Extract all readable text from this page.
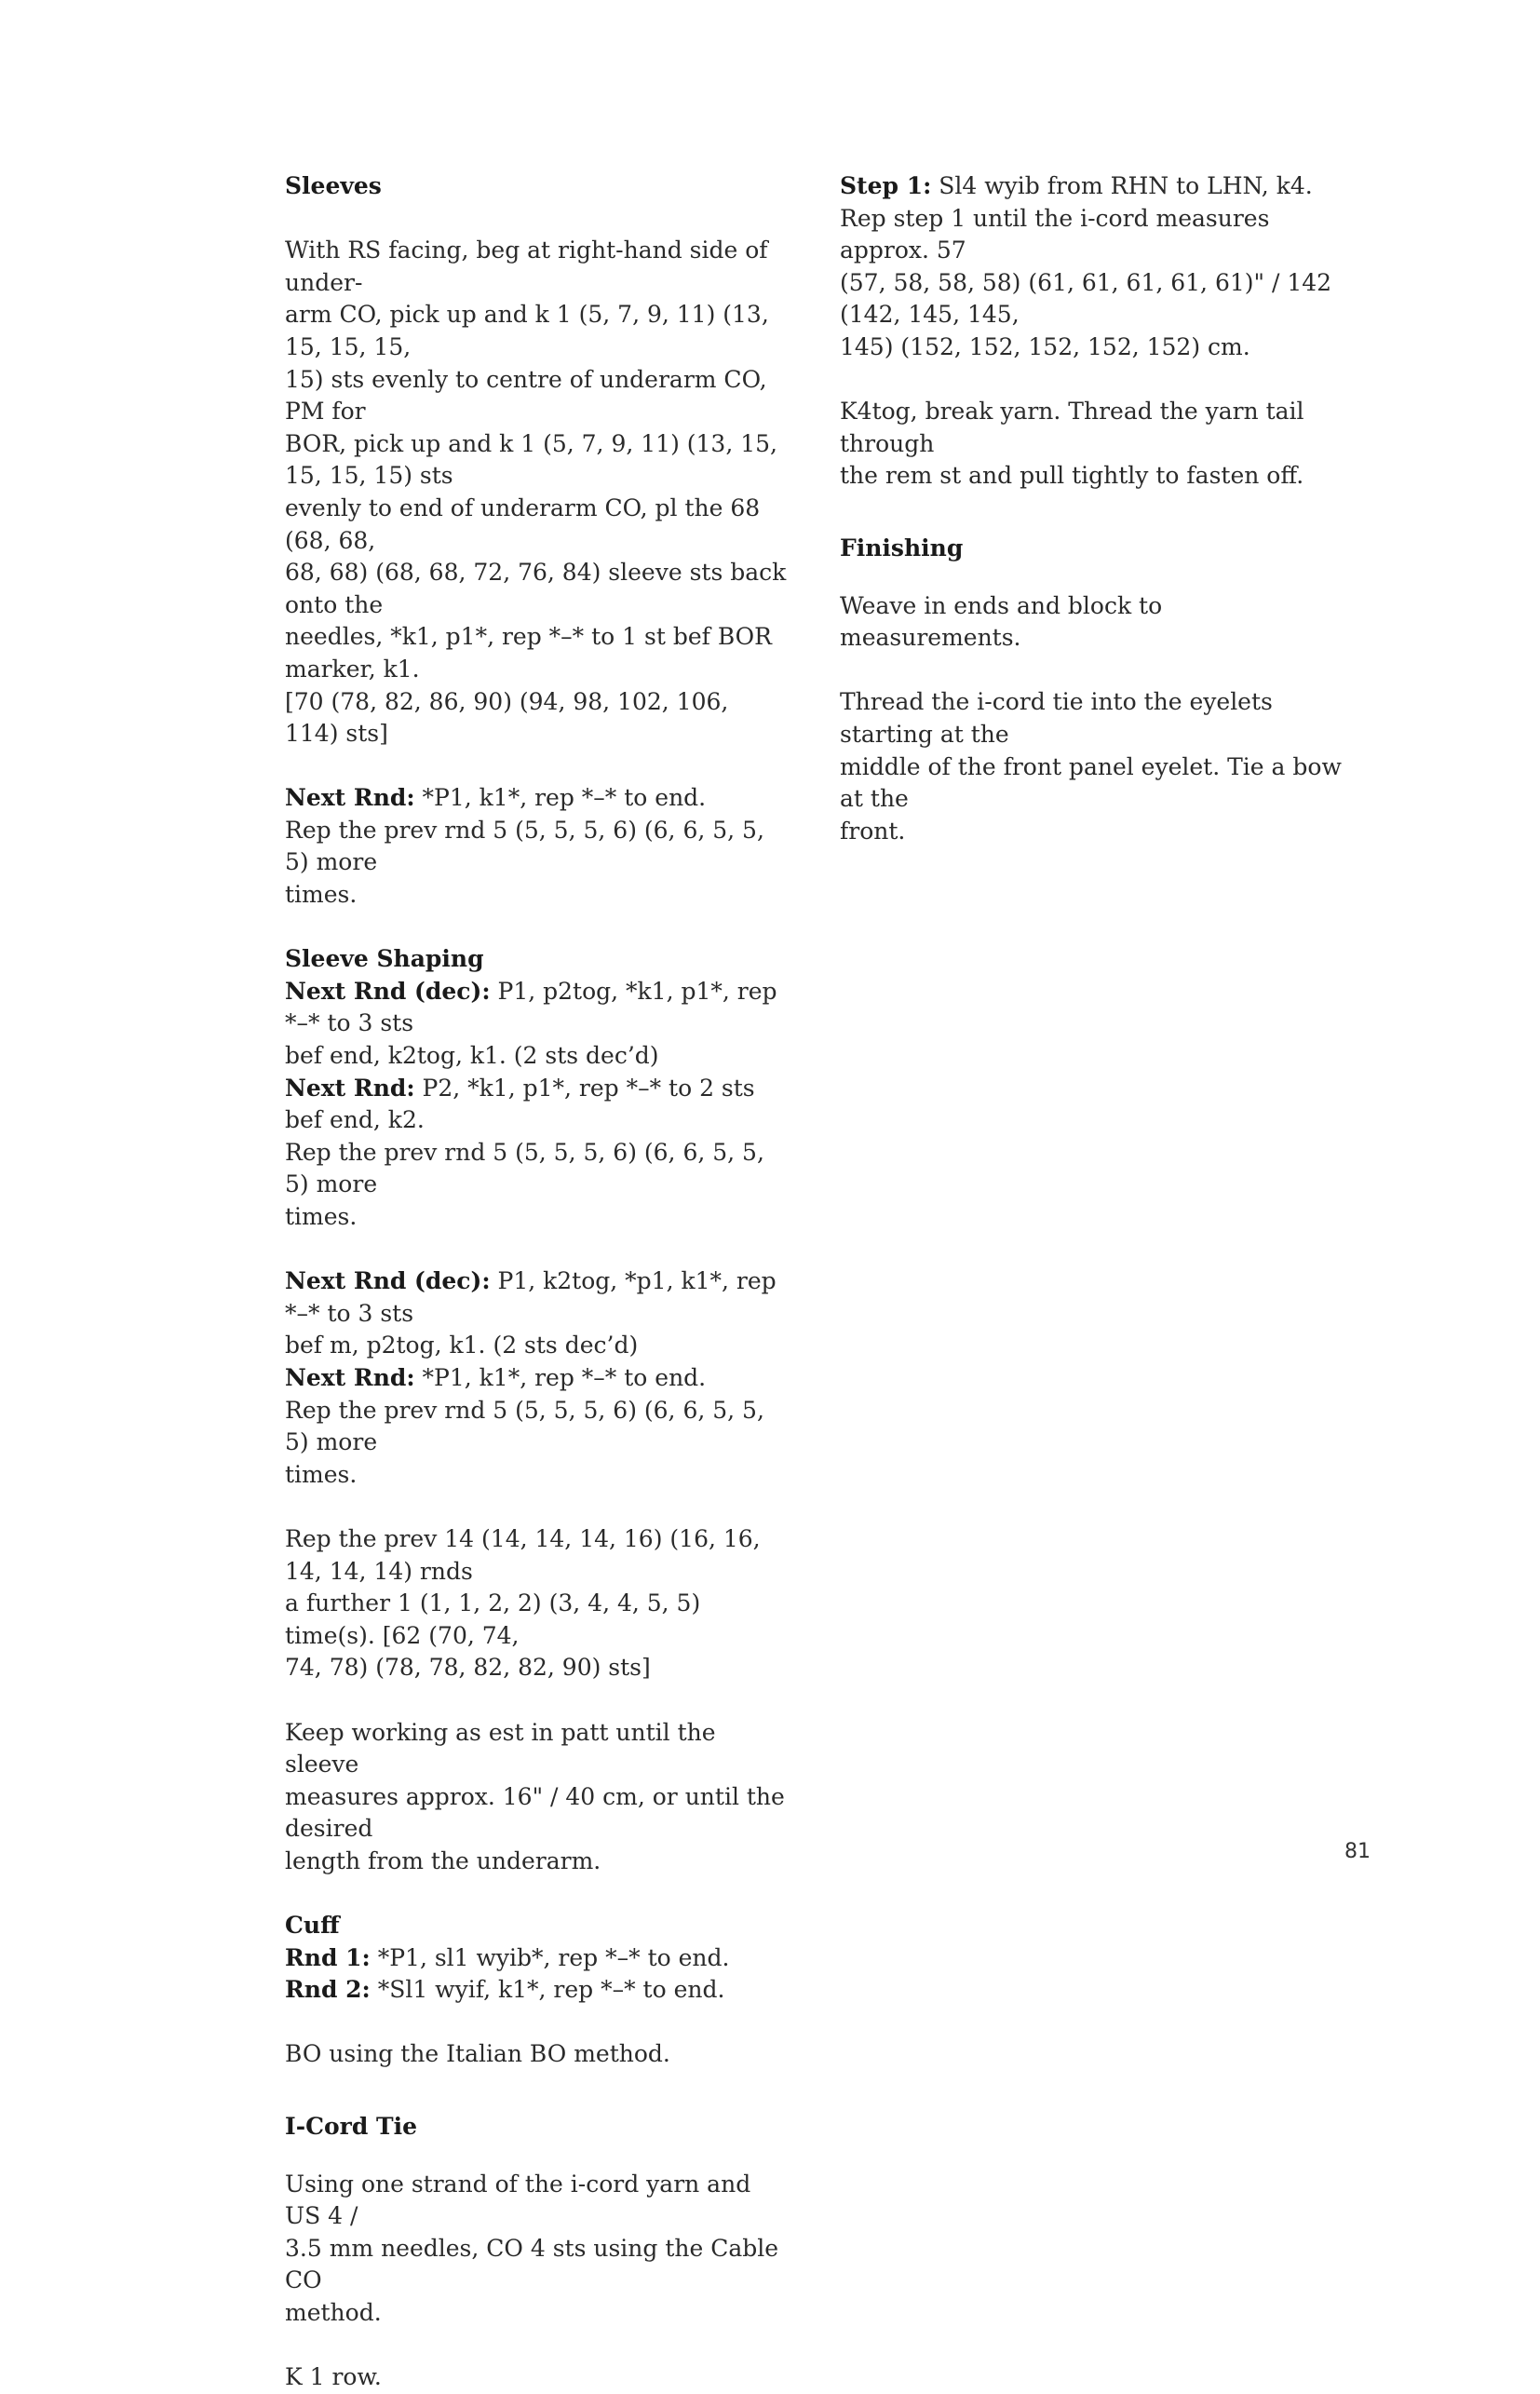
Sleeves

With RS facing, beg at right-hand side of under-

arm CO, pick up and k 1 (5, 7, 9, 11) (13, 15, 15, 15,

15) sts evenly to centre of underarm CO, PM for

BOR, pick up and k 1 (5, 7, 9, 11) (13, 15, 15, 15, 15) sts

evenly to end of underarm CO, pl the 68 (68, 68,

68, 68) (68, 68, 72, 76, 84) sleeve sts back onto the

needles, *k1, p1*, rep *–* to 1 st bef BOR marker, k1.

[70 (78, 82, 86, 90) (94, 98, 102, 106, 114) sts]

Next Rnd: *P1, k1*, rep *–* to end.

Rep the prev rnd 5 (5, 5, 5, 6) (6, 6, 5, 5, 5) more

times.

Sleeve Shaping

Next Rnd (dec): P1, p2tog, *k1, p1*, rep *–* to 3 sts

bef end, k2tog, k1. (2 sts dec’d)

Next Rnd: P2, *k1, p1*, rep *–* to 2 sts bef end, k2.

Rep the prev rnd 5 (5, 5, 5, 6) (6, 6, 5, 5, 5) more

times.

Next Rnd (dec): P1, k2tog, *p1, k1*, rep *–* to 3 sts

bef m, p2tog, k1. (2 sts dec’d)

Next Rnd: *P1, k1*, rep *–* to end.

Rep the prev rnd 5 (5, 5, 5, 6) (6, 6, 5, 5, 5) more

times.

Rep the prev 14 (14, 14, 14, 16) (16, 16, 14, 14, 14) rnds

a further 1 (1, 1, 2, 2) (3, 4, 4, 5, 5) time(s). [62 (70, 74,

74, 78) (78, 78, 82, 82, 90) sts]

Keep working as est in patt until the sleeve

measures approx. 16" / 40 cm, or until the desired

length from the underarm.

Cuff

Rnd 1: *P1, sl1 wyib*, rep *–* to end.

Rnd 2: *Sl1 wyif, k1*, rep *–* to end.

BO using the Italian BO method.

I-Cord Tie

Using one strand of the i-cord yarn and US 4 /

3.5 mm needles, CO 4 sts using the Cable CO

method.

K 1 row.

Step 1: Sl4 wyib from RHN to LHN, k4.

Rep step 1 until the i-cord measures approx. 57

(57, 58, 58, 58) (61, 61, 61, 61, 61)" / 142 (142, 145, 145,

145) (152, 152, 152, 152, 152) cm.

K4tog, break yarn. Thread the yarn tail through

the rem st and pull tightly to fasten off.

Finishing

Weave in ends and block to measurements.

Thread the i-cord tie into the eyelets starting at the

middle of the front panel eyelet. Tie a bow at the

front.

81
